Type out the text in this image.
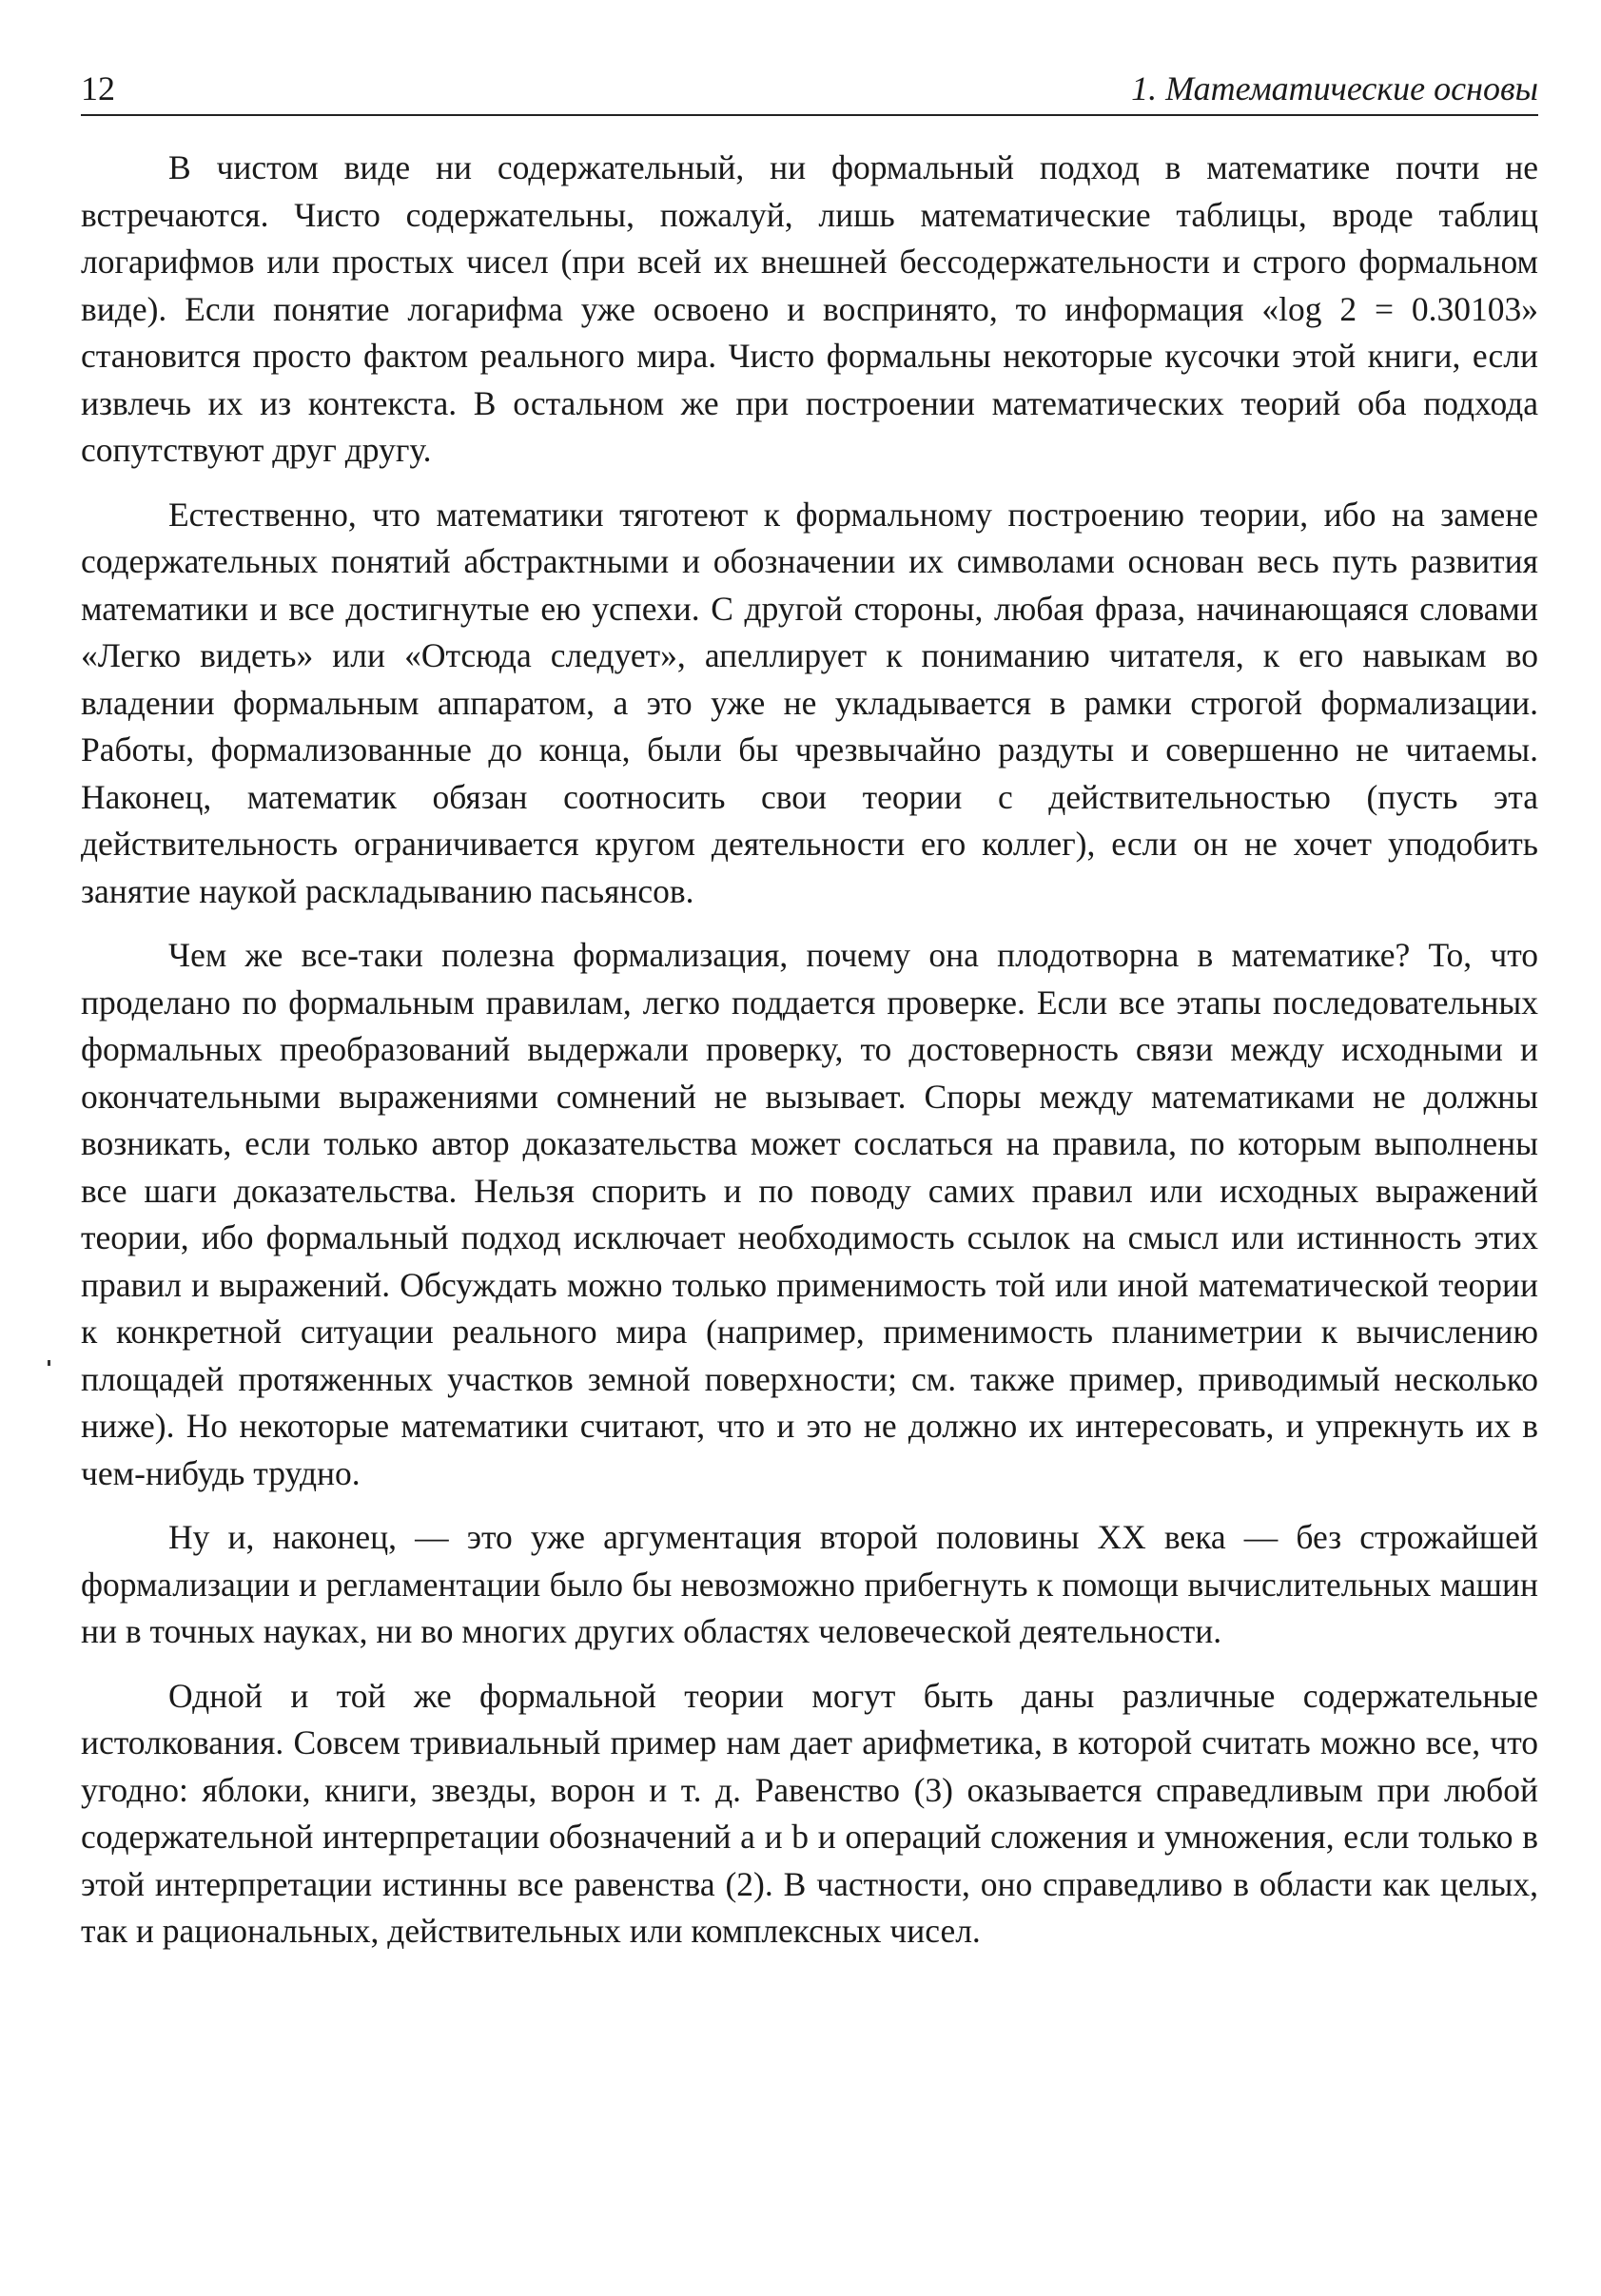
12	1. Математические основы

В чистом виде ни содержательный, ни формальный подход в математике почти не встречаются. Чисто содержательны, пожалуй, лишь математические таблицы, вроде таблиц логарифмов или простых чисел (при всей их внешней бессодержательности и строго формальном виде). Если понятие логарифма уже освоено и воспринято, то информация «log 2 = 0.30103» становится просто фактом реального мира. Чисто формальны некоторые кусочки этой книги, если извлечь их из контекста. В остальном же при построении математических теорий оба подхода сопутствуют друг другу.

Естественно, что математики тяготеют к формальному построению теории, ибо на замене содержательных понятий абстрактными и обозначении их символами основан весь путь развития математики и все достигнутые ею успехи. С другой стороны, любая фраза, начинающаяся словами «Легко видеть» или «Отсюда следует», апеллирует к пониманию читателя, к его навыкам во владении формальным аппаратом, а это уже не укладывается в рамки строгой формализации. Работы, формализованные до конца, были бы чрезвычайно раздуты и совершенно не читаемы. Наконец, математик обязан соотносить свои теории с действительностью (пусть эта действительность ограничивается кругом деятельности его коллег), если он не хочет уподобить занятие наукой раскладыванию пасьянсов.

Чем же все-таки полезна формализация, почему она плодотворна в математике? То, что проделано по формальным правилам, легко поддается проверке. Если все этапы последовательных формальных преобразований выдержали проверку, то достоверность связи между исходными и окончательными выражениями сомнений не вызывает. Споры между математиками не должны возникать, если только автор доказательства может сослаться на правила, по которым выполнены все шаги доказательства. Нельзя спорить и по поводу самих правил или исходных выражений теории, ибо формальный подход исключает необходимость ссылок на смысл или истинность этих правил и выражений. Обсуждать можно только применимость той или иной математической теории к конкретной ситуации реального мира (например, применимость планиметрии к вычислению площадей протяженных участков земной поверхности; см. также пример, приводимый несколько ниже). Но некоторые математики считают, что и это не должно их интересовать, и упрекнуть их в чем-нибудь трудно.

Ну и, наконец, — это уже аргументация второй половины XX века — без строжайшей формализации и регламентации было бы невозможно прибегнуть к помощи вычислительных машин ни в точных науках, ни во многих других областях человеческой деятельности.

Одной и той же формальной теории могут быть даны различные содержательные истолкования. Совсем тривиальный пример нам дает арифметика, в которой считать можно все, что угодно: яблоки, книги, звезды, ворон и т. д. Равенство (3) оказывается справедливым при любой содержательной интерпретации обозначений a и b и операций сложения и умножения, если только в этой интерпретации истинны все равенства (2). В частности, оно справедливо в области как целых, так и рациональных, действительных или комплексных чисел.
